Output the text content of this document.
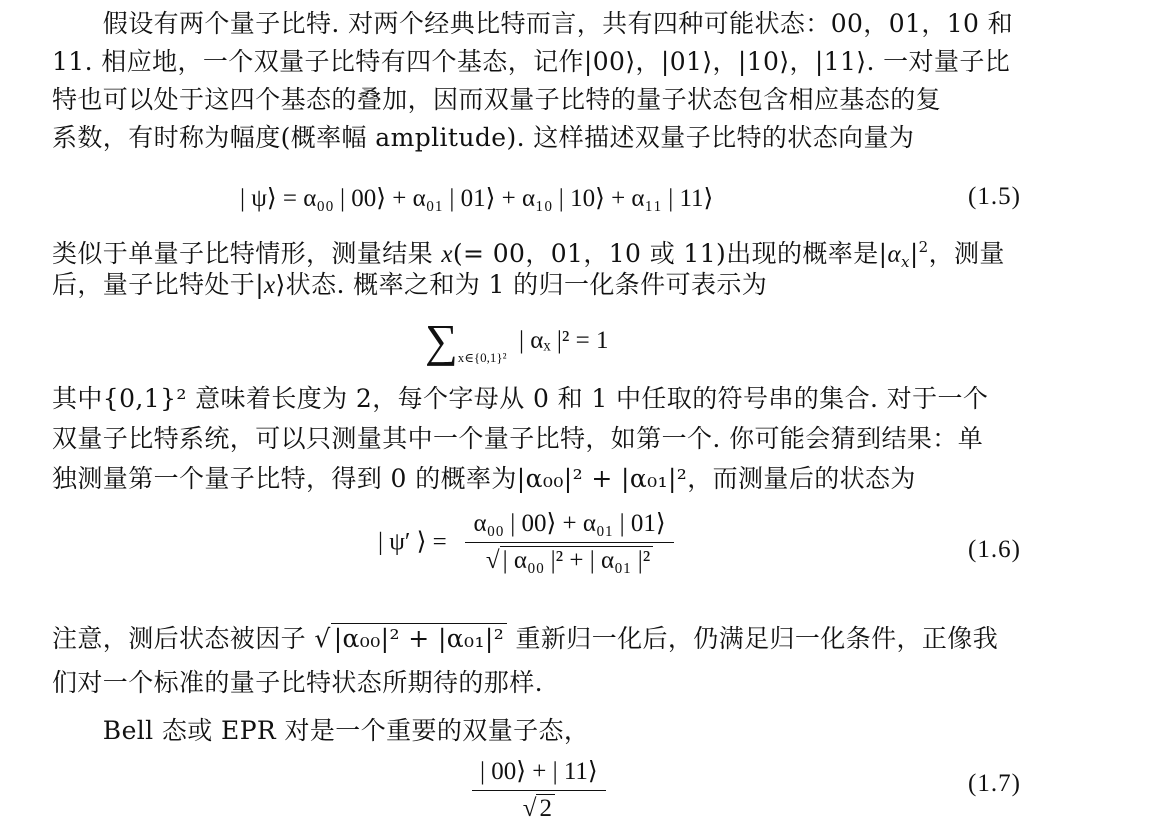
　　假设有两个量子比特. 对两个经典比特而言，共有四种可能状态：00，01，10 和
11. 相应地，一个双量子比特有四个基态，记作|00⟩，|01⟩，|10⟩，|11⟩. 一对量子比
特也可以处于这四个基态的叠加，因而双量子比特的量子状态包含相应基态的复
系数，有时称为幅度(概率幅 amplitude). 这样描述双量子比特的状态向量为
| ψ⟩ = α₀₀ | 00⟩ + α₀₁ | 01⟩ + α₁₀ | 10⟩ + α₁₁ | 11⟩	(1.5)
类似于单量子比特情形，测量结果 x(= 00，01，10 或 11)出现的概率是$|\alpha_x|^2$，测量
后，量子比特处于|x⟩状态. 概率之和为 1 的归一化条件可表示为
$\sum_{x\in\{0,1\}^2}$  | αₓ |² = 1
其中{0,1}² 意味着长度为 2，每个字母从 0 和 1 中任取的符号串的集合. 对于一个
双量子比特系统，可以只测量其中一个量子比特，如第一个. 你可能会猜到结果：单
独测量第一个量子比特，得到 0 的概率为|α₀₀|² + |α₀₁|²，而测量后的状态为
| ψ′ ⟩ = $\frac{\text{α₀₀ | 00⟩ + α₀₁ | 01⟩}}{\text{√ | α₀₀ |² + | α₀₁ |²}}$	(1.6)
注意，测后状态被因子 √ |α₀₀|² + |α₀₁|² 重新归一化后，仍满足归一化条件，正像我
们对一个标准的量子比特状态所期待的那样.
　　Bell 态或 EPR 对是一个重要的双量子态，
$\frac{| 00⟩ + | 11⟩}{√ 2}$	(1.7)
